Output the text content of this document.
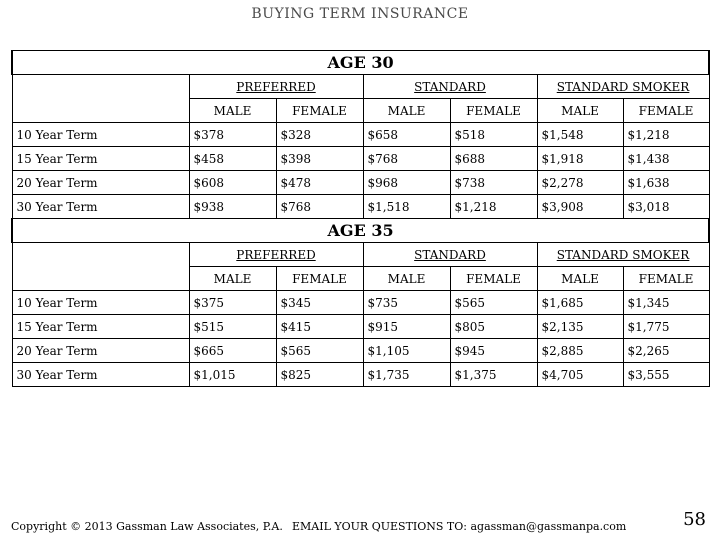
BUYING TERM INSURANCE
AGE 30						
	PREFERRED		STANDARD		STANDARD SMOKER	
	MALE	FEMALE	MALE	FEMALE	MALE	FEMALE
10 Year Term	$378	$328	$658	$518	$1,548	$1,218
15 Year Term	$458	$398	$768	$688	$1,918	$1,438
20 Year Term	$608	$478	$968	$738	$2,278	$1,638
30 Year Term	$938	$768	$1,518	$1,218	$3,908	$3,018
AGE 35						
	PREFERRED		STANDARD		STANDARD SMOKER	
	MALE	FEMALE	MALE	FEMALE	MALE	FEMALE
10 Year Term	$375	$345	$735	$565	$1,685	$1,345
15 Year Term	$515	$415	$915	$805	$2,135	$1,775
20 Year Term	$665	$565	$1,105	$945	$2,885	$2,265
30 Year Term	$1,015	$825	$1,735	$1,375	$4,705	$3,555
Copyright © 2013 Gassman Law Associates, P.A. EMAIL YOUR QUESTIONS TO: agassman@gassmanpa.com	58
